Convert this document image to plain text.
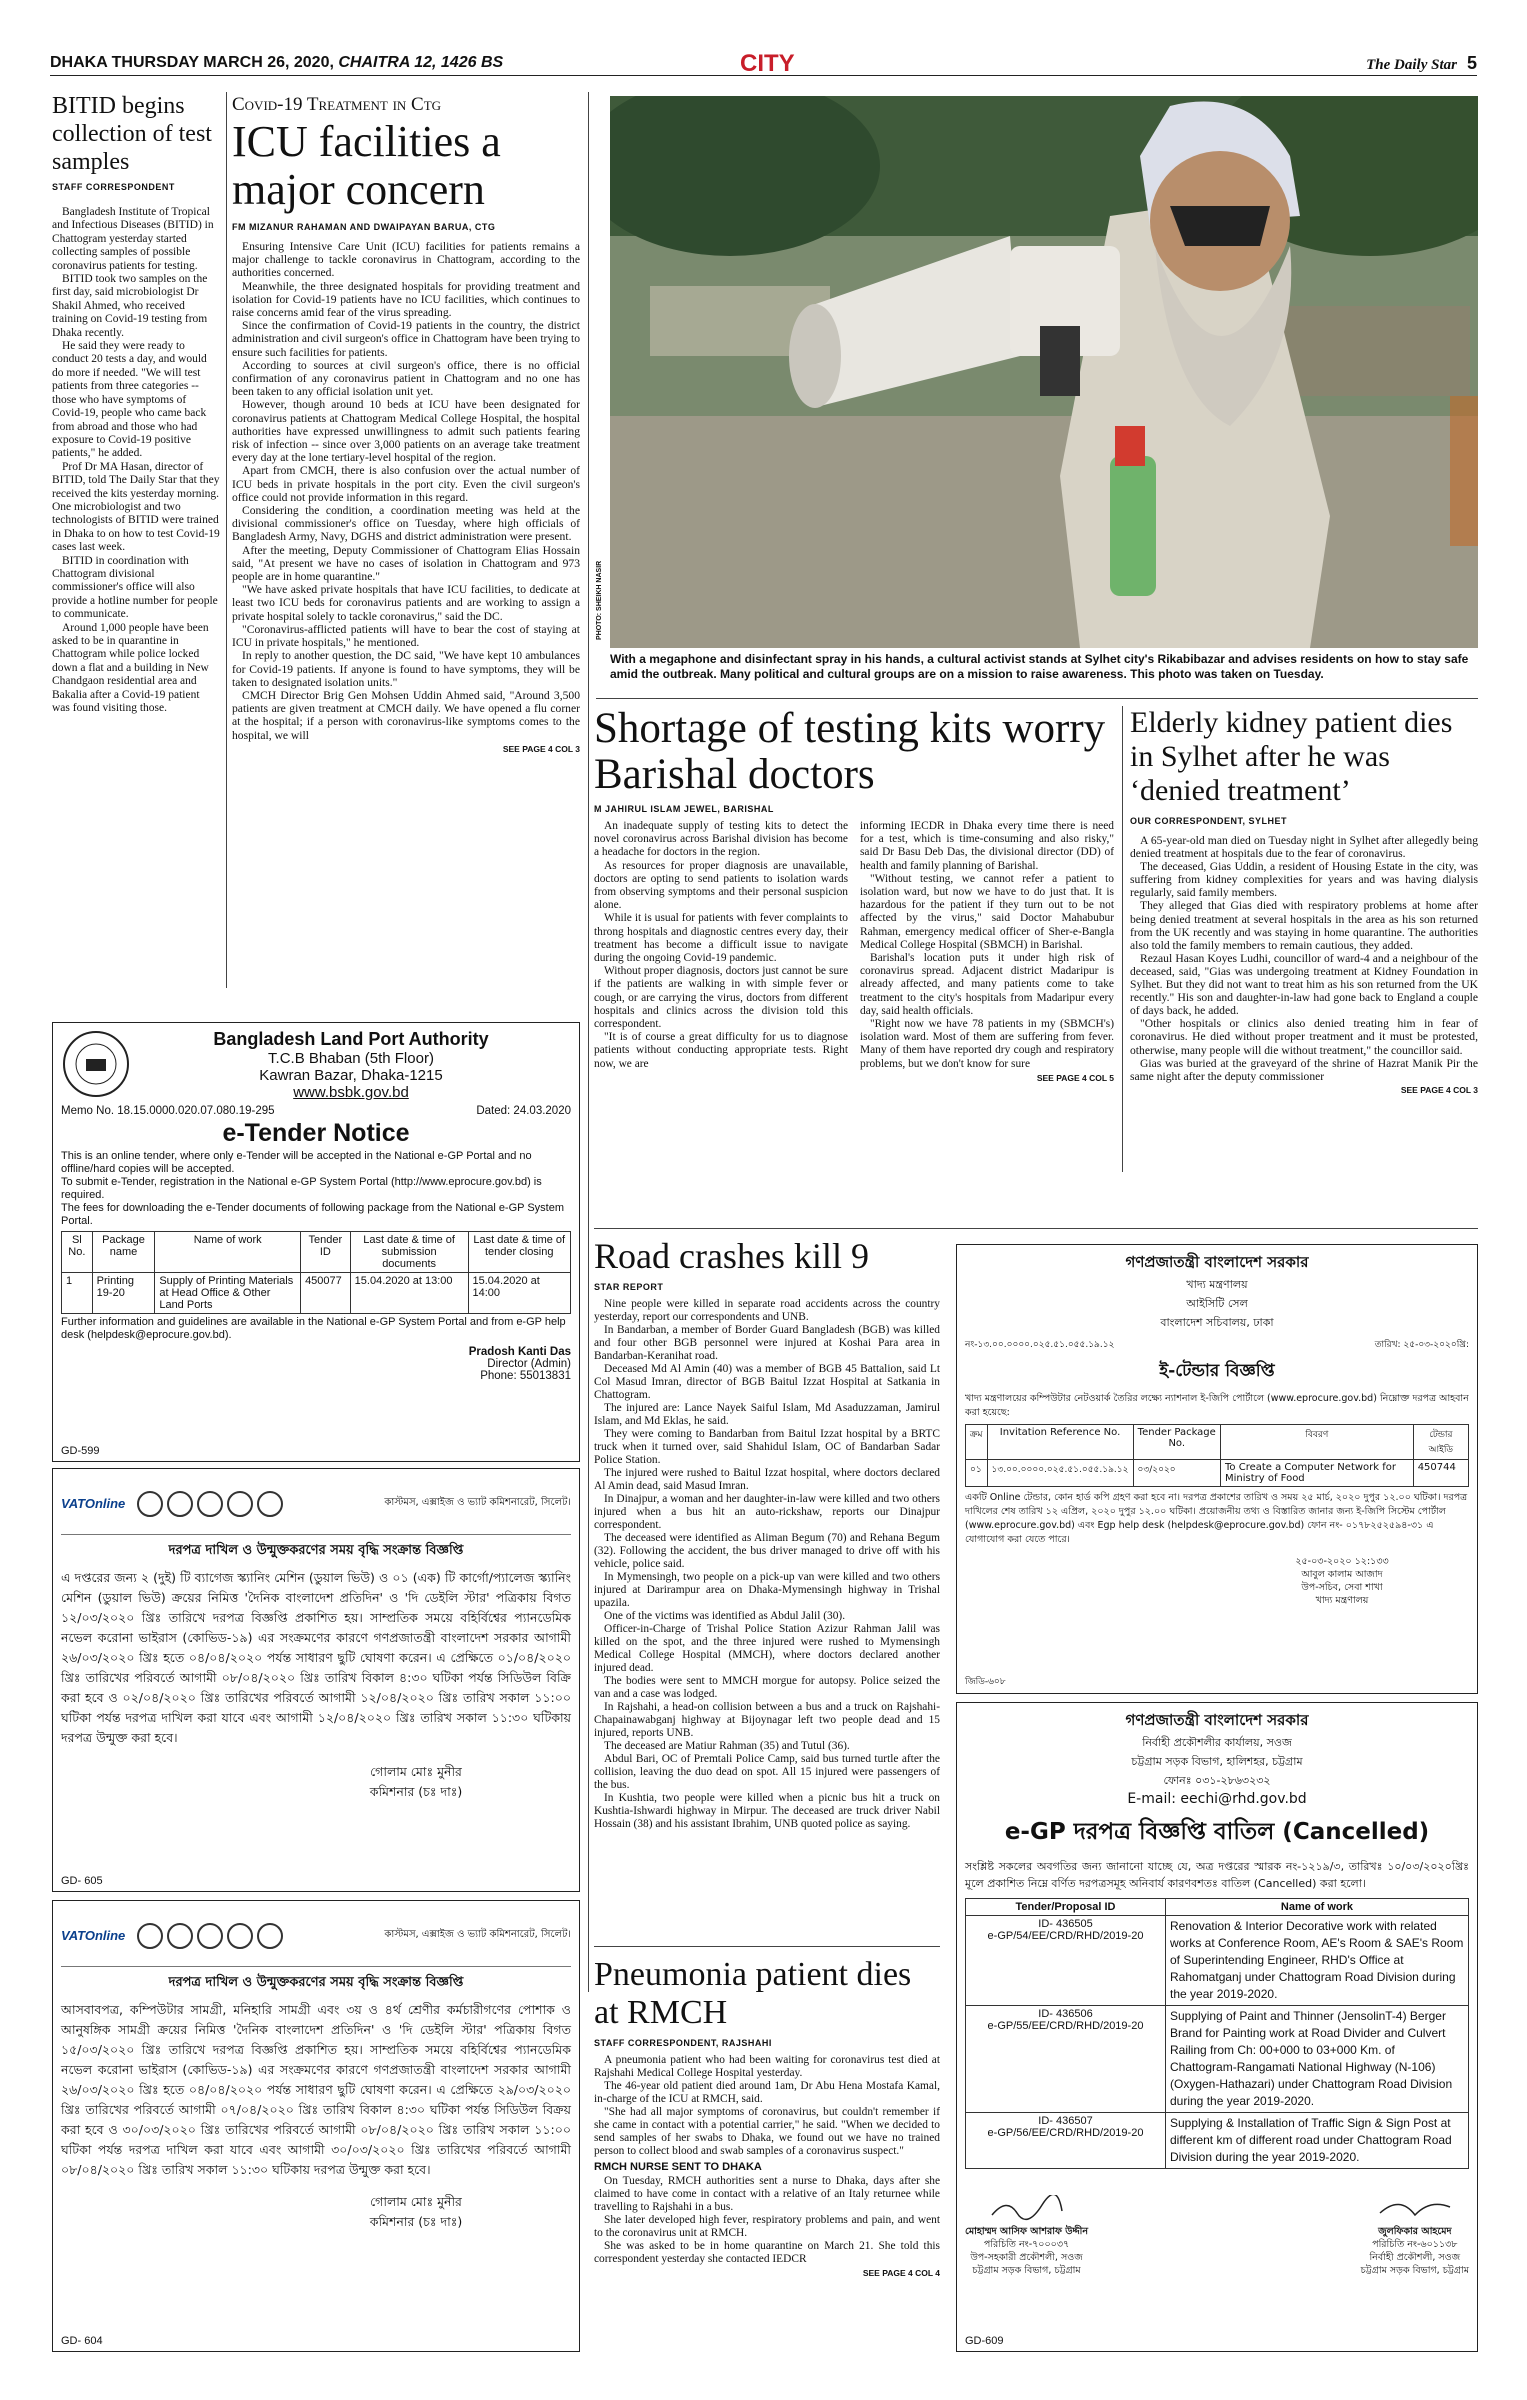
DHAKA THURSDAY MARCH 26, 2020, CHAITRA 12, 1426 BS	CITY	The Daily Star 5
BITID begins collection of test samples
STAFF CORRESPONDENT

Bangladesh Institute of Tropical and Infectious Diseases (BITID) in Chattogram yesterday started collecting samples of possible coronavirus patients for testing.

BITID took two samples on the first day, said microbiologist Dr Shakil Ahmed, who received training on Covid-19 testing from Dhaka recently.

He said they were ready to conduct 20 tests a day, and would do more if needed. "We will test patients from three categories -- those who have symptoms of Covid-19, people who came back from abroad and those who had exposure to Covid-19 positive patients," he added.

Prof Dr MA Hasan, director of BITID, told The Daily Star that they received the kits yesterday morning. One microbiologist and two technologists of BITID were trained in Dhaka to on how to test Covid-19 cases last week.

BITID in coordination with Chattogram divisional commissioner's office will also provide a hotline number for people to communicate.

Around 1,000 people have been asked to be in quarantine in Chattogram while police locked down a flat and a building in New Chandgaon residential area and Bakalia after a Covid-19 patient was found visiting those.

Covid-19 Treatment in Ctg
ICU facilities a major concern
FM MIZANUR RAHAMAN AND DWAIPAYAN BARUA, CTG

Ensuring Intensive Care Unit (ICU) facilities for patients remains a major challenge to tackle coronavirus in Chattogram, according to the authorities concerned.

Meanwhile, the three designated hospitals for providing treatment and isolation for Covid-19 patients have no ICU facilities, which continues to raise concerns amid fear of the virus spreading.

Since the confirmation of Covid-19 patients in the country, the district administration and civil surgeon's office in Chattogram have been trying to ensure such facilities for patients.

According to sources at civil surgeon's office, there is no official confirmation of any coronavirus patient in Chattogram and no one has been taken to any official isolation unit yet.

However, though around 10 beds at ICU have been designated for coronavirus patients at Chattogram Medical College Hospital, the hospital authorities have expressed unwillingness to admit such patients fearing risk of infection -- since over 3,000 patients on an average take treatment every day at the lone tertiary-level hospital of the region.

Apart from CMCH, there is also confusion over the actual number of ICU beds in private hospitals in the port city. Even the civil surgeon's office could not provide information in this regard.

Considering the condition, a coordination meeting was held at the divisional commissioner's office on Tuesday, where high officials of Bangladesh Army, Navy, DGHS and district administration were present.

After the meeting, Deputy Commissioner of Chattogram Elias Hossain said, "At present we have no cases of isolation in Chattogram and 973 people are in home quarantine."

"We have asked private hospitals that have ICU facilities, to dedicate at least two ICU beds for coronavirus patients and are working to assign a private hospital solely to tackle coronavirus," said the DC.

"Coronavirus-afflicted patients will have to bear the cost of staying at ICU in private hospitals," he mentioned.

In reply to another question, the DC said, "We have kept 10 ambulances for Covid-19 patients. If anyone is found to have symptoms, they will be taken to designated isolation units."

CMCH Director Brig Gen Mohsen Uddin Ahmed said, "Around 3,500 patients are given treatment at CMCH daily. We have opened a flu corner at the hospital; if a person with coronavirus-like symptoms comes to the hospital, we will

SEE PAGE 4 COL 3
PHOTO: SHEIKH NASIR
With a megaphone and disinfectant spray in his hands, a cultural activist stands at Sylhet city's Rikabibazar and advises residents on how to stay safe amid the outbreak. Many political and cultural groups are on a mission to raise awareness. This photo was taken on Tuesday.
Shortage of testing kits worry Barishal doctors
M JAHIRUL ISLAM JEWEL, BARISHAL

An inadequate supply of testing kits to detect the novel coronavirus across Barishal division has become a headache for doctors in the region.

As resources for proper diagnosis are unavailable, doctors are opting to send patients to isolation wards from observing symptoms and their personal suspicion alone.

While it is usual for patients with fever complaints to throng hospitals and diagnostic centres every day, their treatment has become a difficult issue to navigate during the ongoing Covid-19 pandemic.

Without proper diagnosis, doctors just cannot be sure if the patients are walking in with simple fever or cough, or are carrying the virus, doctors from different hospitals and clinics across the division told this correspondent.

"It is of course a great difficulty for us to diagnose patients without conducting appropriate tests. Right now, we are

informing IECDR in Dhaka every time there is need for a test, which is time-consuming and also risky," said Dr Basu Deb Das, the divisional director (DD) of health and family planning of Barishal.

"Without testing, we cannot refer a patient to isolation ward, but now we have to do just that. It is hazardous for the patient if they turn out to be not affected by the virus," said Doctor Mahabubur Rahman, emergency medical officer of Sher-e-Bangla Medical College Hospital (SBMCH) in Barishal.

Barishal's location puts it under high risk of coronavirus spread. Adjacent district Madaripur is already affected, and many patients come to take treatment to the city's hospitals from Madaripur every day, said health officials.

"Right now we have 78 patients in my (SBMCH's) isolation ward. Most of them are suffering from fever. Many of them have reported dry cough and respiratory problems, but we don't know for sure

SEE PAGE 4 COL 5
Elderly kidney patient dies in Sylhet after he was ‘denied treatment’
OUR CORRESPONDENT, SYLHET

A 65-year-old man died on Tuesday night in Sylhet after allegedly being denied treatment at hospitals due to the fear of coronavirus.

The deceased, Gias Uddin, a resident of Housing Estate in the city, was suffering from kidney complexities for years and was having dialysis regularly, said family members.

They alleged that Gias died with respiratory problems at home after being denied treatment at several hospitals in the area as his son returned from the UK recently and was staying in home quarantine. The authorities also told the family members to remain cautious, they added.

Rezaul Hasan Koyes Ludhi, councillor of ward-4 and a neighbour of the deceased, said, "Gias was undergoing treatment at Kidney Foundation in Sylhet. But they did not want to treat him as his son returned from the UK recently." His son and daughter-in-law had gone back to England a couple of days back, he added.

"Other hospitals or clinics also denied treating him in fear of coronavirus. He died without proper treatment and it must be protested, otherwise, many people will die without treatment," the councillor said.

Gias was buried at the graveyard of the shrine of Hazrat Manik Pir the same night after the deputy commissioner

SEE PAGE 4 COL 3
Road crashes kill 9
STAR REPORT

Nine people were killed in separate road accidents across the country yesterday, report our correspondents and UNB.

In Bandarban, a member of Border Guard Bangladesh (BGB) was killed and four other BGB personnel were injured at Koshai Para area in Bandarban-Keranihat road.

Deceased Md Al Amin (40) was a member of BGB 45 Battalion, said Lt Col Masud Imran, director of BGB Baitul Izzat Hospital at Satkania in Chattogram.

The injured are: Lance Nayek Saiful Islam, Md Asaduzzaman, Jamirul Islam, and Md Eklas, he said.

They were coming to Bandarban from Baitul Izzat hospital by a BRTC truck when it turned over, said Shahidul Islam, OC of Bandarban Sadar Police Station.

The injured were rushed to Baitul Izzat hospital, where doctors declared Al Amin dead, said Masud Imran.

In Dinajpur, a woman and her daughter-in-law were killed and two others injured when a bus hit an auto-rickshaw, reports our Dinajpur correspondent.

The deceased were identified as Aliman Begum (70) and Rehana Begum (32). Following the accident, the bus driver managed to drive off with his vehicle, police said.

In Mymensingh, two people on a pick-up van were killed and two others injured at Darirampur area on Dhaka-Mymensingh highway in Trishal upazila.

One of the victims was identified as Abdul Jalil (30).

Officer-in-Charge of Trishal Police Station Azizur Rahman Jalil was killed on the spot, and the three injured were rushed to Mymensingh Medical College Hospital (MMCH), where doctors declared another injured dead.

The bodies were sent to MMCH morgue for autopsy. Police seized the van and a case was lodged.

In Rajshahi, a head-on collision between a bus and a truck on Rajshahi-Chapainawabganj highway at Bijoynagar left two people dead and 15 injured, reports UNB.

The deceased are Matiur Rahman (35) and Tutul (36).

Abdul Bari, OC of Premtali Police Camp, said bus turned turtle after the collision, leaving the duo dead on spot. All 15 injured were passengers of the bus.

In Kushtia, two people were killed when a picnic bus hit a truck on Kushtia-Ishwardi highway in Mirpur. The deceased are truck driver Nabil Hossain (38) and his assistant Ibrahim, UNB quoted police as saying.

Pneumonia patient dies at RMCH
STAFF CORRESPONDENT, RAJSHAHI

A pneumonia patient who had been waiting for coronavirus test died at Rajshahi Medical College Hospital yesterday.

The 46-year old patient died around 1am, Dr Abu Hena Mostafa Kamal, in-charge of the ICU at RMCH, said.

"She had all major symptoms of coronavirus, but couldn't remember if she came in contact with a potential carrier," he said. "When we decided to send samples of her swabs to Dhaka, we found out we have no trained person to collect blood and swab samples of a coronavirus suspect."

RMCH NURSE SENT TO DHAKA

On Tuesday, RMCH authorities sent a nurse to Dhaka, days after she claimed to have come in contact with a relative of an Italy returnee while travelling to Rajshahi in a bus.

She later developed high fever, respiratory problems and pain, and went to the coronavirus unit at RMCH.

She was asked to be in home quarantine on March 21. She told this correspondent yesterday she contacted IEDCR

SEE PAGE 4 COL 4
Bangladesh Land Port Authority
T.C.B Bhaban (5th Floor)
Kawran Bazar, Dhaka-1215
www.bsbk.gov.bd
Memo No. 18.15.0000.020.07.080.19-295	Dated: 24.03.2020
e-Tender Notice
This is an online tender, where only e-Tender will be accepted in the National e-GP Portal and no offline/hard copies will be accepted.
To submit e-Tender, registration in the National e-GP System Portal (http://www.eprocure.gov.bd) is required.
The fees for downloading the e-Tender documents of following package from the National e-GP System Portal.
Sl No.	Package name	Name of work	Tender ID	Last date & time of submission documents	Last date & time of tender closing
1	Printing 19-20	Supply of Printing Materials at Head Office & Other Land Ports	450077	15.04.2020 at 13:00	15.04.2020 at 14:00
Further information and guidelines are available in the National e-GP System Portal and from e-GP help desk (helpdesk@eprocure.gov.bd).
Pradosh Kanti Das
Director (Admin)
Phone: 55013831
GD-599
VATOnline	কাস্টমস, এক্সাইজ ও ভ্যাট কমিশনারেট, সিলেট।
দরপত্র দাখিল ও উন্মুক্তকরণের সময় বৃদ্ধি সংক্রান্ত বিজ্ঞপ্তি
এ দপ্তরের জন্য ২ (দুই) টি ব্যাগেজ স্ক্যানিং মেশিন (ডুয়াল ভিউ) ও ০১ (এক) টি কার্গো/প্যালেজ স্ক্যানিং মেশিন (ডুয়াল ভিউ) ক্রয়ের নিমিত্ত 'দৈনিক বাংলাদেশ প্রতিদিন' ও 'দি ডেইলি স্টার' পত্রিকায় বিগত ১২/০৩/২০২০ খ্রিঃ তারিখে দরপত্র বিজ্ঞপ্তি প্রকাশিত হয়। সাম্প্রতিক সময়ে বহির্বিশ্বের প্যানডেমিক নভেল করোনা ভাইরাস (কোভিড-১৯) এর সংক্রমণের কারণে গণপ্রজাতন্ত্রী বাংলাদেশ সরকার আগামী ২৬/০৩/২০২০ খ্রিঃ হতে ০৪/০৪/২০২০ পর্যন্ত সাধারণ ছুটি ঘোষণা করেন। এ প্রেক্ষিতে ০১/০৪/২০২০ খ্রিঃ তারিখের পরিবর্তে আগামী ০৮/০৪/২০২০ খ্রিঃ তারিখ বিকাল ৪:৩০ ঘটিকা পর্যন্ত সিডিউল বিক্রি করা হবে ও ০২/০৪/২০২০ খ্রিঃ তারিখের পরিবর্তে আগামী ১২/০৪/২০২০ খ্রিঃ তারিখ সকাল ১১:০০ ঘটিকা পর্যন্ত দরপত্র দাখিল করা যাবে এবং আগামী ১২/০৪/২০২০ খ্রিঃ তারিখ সকাল ১১:৩০ ঘটিকায় দরপত্র উন্মুক্ত করা হবে।
গোলাম মোঃ মুনীর
কমিশনার (চঃ দাঃ)
GD- 605
VATOnline	কাস্টমস, এক্সাইজ ও ভ্যাট কমিশনারেট, সিলেট।
দরপত্র দাখিল ও উন্মুক্তকরণের সময় বৃদ্ধি সংক্রান্ত বিজ্ঞপ্তি
আসবাবপত্র, কম্পিউটার সামগ্রী, মনিহারি সামগ্রী এবং ৩য় ও ৪র্থ শ্রেণীর কর্মচারীগণের পোশাক ও আনুষঙ্গিক সামগ্রী ক্রয়ের নিমিত্ত 'দৈনিক বাংলাদেশ প্রতিদিন' ও 'দি ডেইলি স্টার' পত্রিকায় বিগত ১৫/০৩/২০২০ খ্রিঃ তারিখে দরপত্র বিজ্ঞপ্তি প্রকাশিত হয়। সাম্প্রতিক সময়ে বহির্বিশ্বের প্যানডেমিক নভেল করোনা ভাইরাস (কোভিড-১৯) এর সংক্রমণের কারণে গণপ্রজাতন্ত্রী বাংলাদেশ সরকার আগামী ২৬/০৩/২০২০ খ্রিঃ হতে ০৪/০৪/২০২০ পর্যন্ত সাধারণ ছুটি ঘোষণা করেন। এ প্রেক্ষিতে ২৯/০৩/২০২০ খ্রিঃ তারিখের পরিবর্তে আগামী ০৭/০৪/২০২০ খ্রিঃ তারিখ বিকাল ৪:৩০ ঘটিকা পর্যন্ত সিডিউল বিক্রয় করা হবে ও ৩০/০৩/২০২০ খ্রিঃ তারিখের পরিবর্তে আগামী ০৮/০৪/২০২০ খ্রিঃ তারিখ সকাল ১১:০০ ঘটিকা পর্যন্ত দরপত্র দাখিল করা যাবে এবং আগামী ৩০/০৩/২০২০ খ্রিঃ তারিখের পরিবর্তে আগামী ০৮/০৪/২০২০ খ্রিঃ তারিখ সকাল ১১:৩০ ঘটিকায় দরপত্র উন্মুক্ত করা হবে।
গোলাম মোঃ মুনীর
কমিশনার (চঃ দাঃ)
GD- 604
গণপ্রজাতন্ত্রী বাংলাদেশ সরকার
খাদ্য মন্ত্রণালয়
আইসিটি সেল
বাংলাদেশ সচিবালয়, ঢাকা
নং-১৩.০০.০০০০.০২৫.৫১.০৫৫.১৯.১২	তারিখ: ২৫-০৩-২০২০খ্রি:
ই-টেন্ডার বিজ্ঞপ্তি
খাদ্য মন্ত্রণালয়ের কম্পিউটার নেটওয়ার্ক তৈরির লক্ষ্যে ন্যাশনাল ই-জিপি পোর্টালে (www.eprocure.gov.bd) নিম্নোক্ত দরপত্র আহবান করা হয়েছে:
ক্রম	Invitation Reference No.	Tender Package No.	বিবরণ	টেন্ডার আইডি
০১	১৩.০০.০০০০.০২৫.৫১.০৫৫.১৯.১২	০৩/২০২০	To Create a Computer Network for Ministry of Food	450744
একটি Online টেন্ডার, কোন হার্ড কপি গ্রহণ করা হবে না। দরপত্র প্রকাশের তারিখ ও সময় ২৫ মার্চ, ২০২০ দুপুর ১২.০০ ঘটিকা। দরপত্র দাখিলের শেষ তারিখ ১২ এপ্রিল, ২০২০ দুপুর ১২.০০ ঘটিকা। প্রয়োজনীয় তথ্য ও বিস্তারিত জানার জন্য ই-জিপি সিস্টেম পোর্টাল (www.eprocure.gov.bd) এবং Egp help desk (helpdesk@eprocure.gov.bd) ফোন নং- ০১৭৮২৫২৫৯৪-৩১ এ যোগাযোগ করা যেতে পারে।
২৫-০৩-২০২০ ১২:১৩৩
আবুল কালাম আজাদ
উপ-সচিব, সেবা শাখা
খাদ্য মন্ত্রণালয়
জিডি-৬০৮
গণপ্রজাতন্ত্রী বাংলাদেশ সরকার
নির্বাহী প্রকৌশলীর কার্যালয়, সওজ
চট্টগ্রাম সড়ক বিভাগ, হালিশহর, চট্টগ্রাম
ফোনঃ ০৩১-২৮৬৩২৩২
E-mail: eechi@rhd.gov.bd
e-GP দরপত্র বিজ্ঞপ্তি বাতিল (Cancelled)
সংশ্লিষ্ট সকলের অবগতির জন্য জানানো যাচ্ছে যে, অত্র দপ্তরের স্মারক নং-১২১৯/৩, তারিখঃ ১০/০৩/২০২০খ্রিঃ মূলে প্রকাশিত নিম্নে বর্ণিত দরপত্রসমূহ অনিবার্য কারণবশতঃ বাতিল (Cancelled) করা হলো।
Tender/Proposal ID	Name of work

ID- 436505
e-GP/54/EE/CRD/RHD/2019-20	Renovation & Interior Decorative work with related works at Conference Room, AE's Room & SAE's Room of Superintending Engineer, RHD's Office at Rahomatganj under Chattogram Road Division during the year 2019-2020.

ID- 436506
e-GP/55/EE/CRD/RHD/2019-20	Supplying of Paint and Thinner (JensolinT-4) Berger Brand for Painting work at Road Divider and Culvert Railing from Ch: 00+000 to 03+000 Km. of Chattogram-Rangamati National Highway (N-106) (Oxygen-Hathazari) under Chattogram Road Division during the year 2019-2020.

ID- 436507
e-GP/56/EE/CRD/RHD/2019-20	Supplying & Installation of Traffic Sign & Sign Post at different km of different road under Chattogram Road Division during the year 2019-2020.
মোহাম্মদ আসিফ আশরাফ উদ্দীন
পরিচিতি নং-৭০০০৩৭
উপ-সহকারী প্রকৌশলী, সওজ
চট্টগ্রাম সড়ক বিভাগ, চট্টগ্রাম
জুলফিকার আহমেদ
পরিচিতি নং-৬০১১৩৮
নির্বাহী প্রকৌশলী, সওজ
চট্টগ্রাম সড়ক বিভাগ, চট্টগ্রাম
GD-609
